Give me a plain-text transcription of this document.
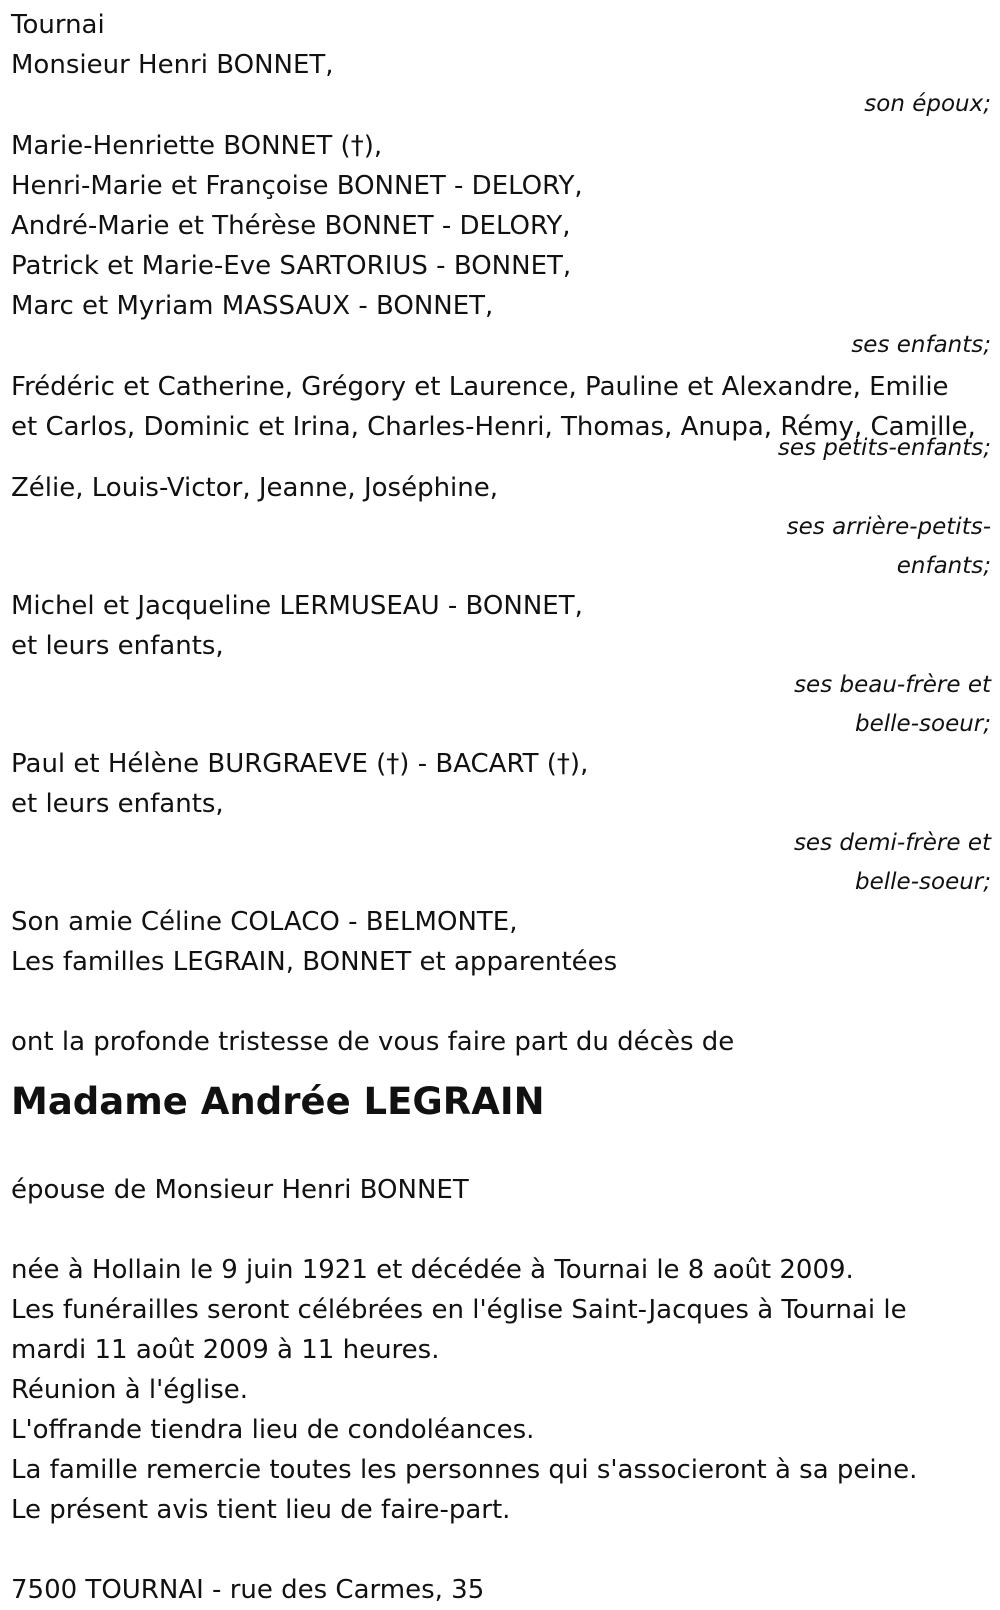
Tournai
Monsieur Henri BONNET,
son époux;
Marie-Henriette BONNET (†),
Henri-Marie et Françoise BONNET - DELORY,
André-Marie et Thérèse BONNET - DELORY,
Patrick et Marie-Eve SARTORIUS - BONNET,
Marc et Myriam MASSAUX - BONNET,
ses enfants;
Frédéric et Catherine, Grégory et Laurence, Pauline et Alexandre, Emilie
et Carlos, Dominic et Irina, Charles-Henri, Thomas, Anupa, Rémy, Camille,
ses petits-enfants;
Zélie, Louis-Victor, Jeanne, Joséphine,
ses arrière-petits-
enfants;
Michel et Jacqueline LERMUSEAU - BONNET,
et leurs enfants,
ses beau-frère et
belle-soeur;
Paul et Hélène BURGRAEVE (†) - BACART (†),
et leurs enfants,
ses demi-frère et
belle-soeur;
Son amie Céline COLACO - BELMONTE,
Les familles LEGRAIN, BONNET et apparentées
ont la profonde tristesse de vous faire part du décès de
Madame Andrée LEGRAIN
épouse de Monsieur Henri BONNET
née à Hollain le 9 juin 1921 et décédée à Tournai le 8 août 2009.
Les funérailles seront célébrées en l'église Saint-Jacques à Tournai le
mardi 11 août 2009 à 11 heures.
Réunion à l'église.
L'offrande tiendra lieu de condoléances.
La famille remercie toutes les personnes qui s'associeront à sa peine.
Le présent avis tient lieu de faire-part.
7500 TOURNAI - rue des Carmes, 35
